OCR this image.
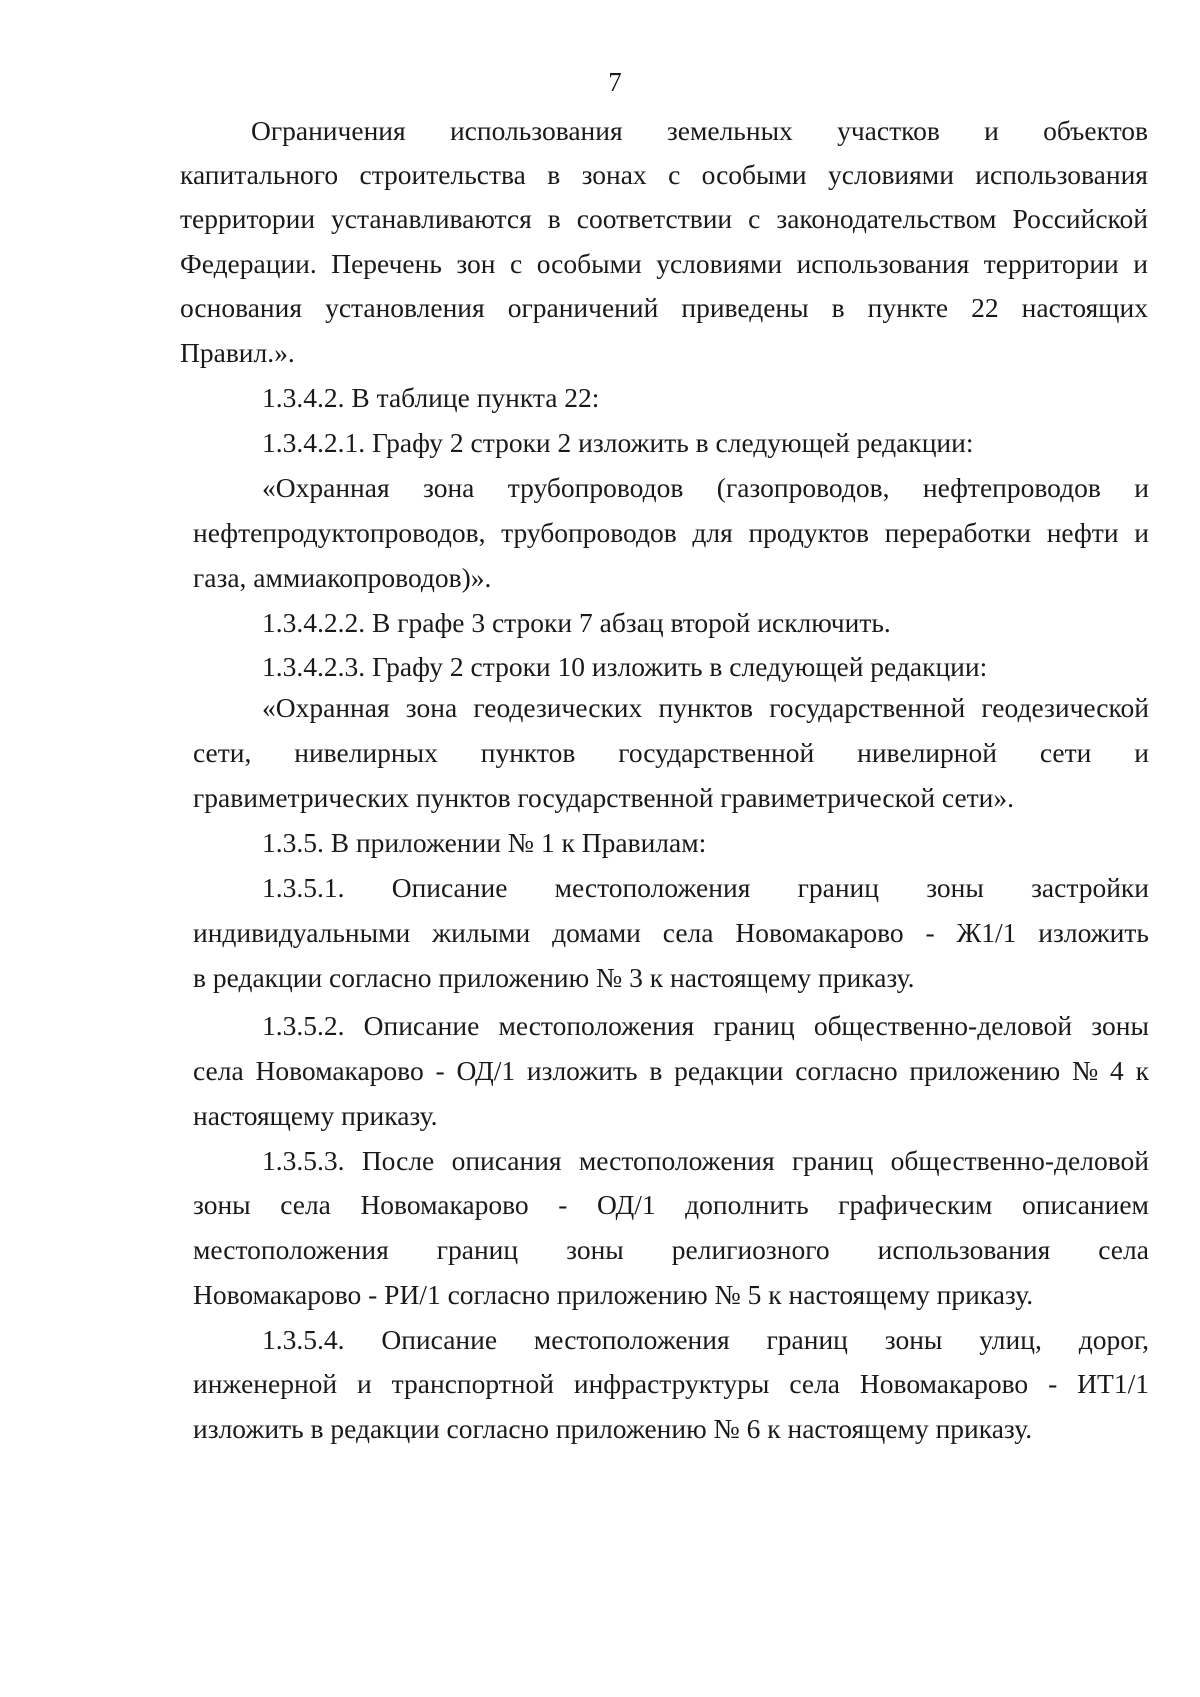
7
Ограничения использования земельных участков и объектов
капитального строительства в зонах с особыми условиями использования
территории устанавливаются в соответствии с законодательством Российской
Федерации. Перечень зон с особыми условиями использования территории и
основания установления ограничений приведены в пункте 22 настоящих
Правил.».
1.3.4.2. В таблице пункта 22:
1.3.4.2.1. Графу 2 строки 2 изложить в следующей редакции:
«Охранная зона трубопроводов (газопроводов, нефтепроводов и
нефтепродуктопроводов, трубопроводов для продуктов переработки нефти и
газа, аммиакопроводов)».
1.3.4.2.2. В графе 3 строки 7 абзац второй исключить.
1.3.4.2.3. Графу 2 строки 10 изложить в следующей редакции:
«Охранная зона геодезических пунктов государственной геодезической
сети, нивелирных пунктов государственной нивелирной сети и
гравиметрических пунктов государственной гравиметрической сети».
1.3.5. В приложении № 1 к Правилам:
1.3.5.1. Описание местоположения границ зоны застройки
индивидуальными жилыми домами села Новомакарово - Ж1/1 изложить
в редакции согласно приложению № 3 к настоящему приказу.
1.3.5.2. Описание местоположения границ общественно-деловой зоны
села Новомакарово - ОД/1 изложить в редакции согласно приложению № 4 к
настоящему приказу.
1.3.5.3. После описания местоположения границ общественно-деловой
зоны села Новомакарово - ОД/1 дополнить графическим описанием
местоположения границ зоны религиозного использования села
Новомакарово - РИ/1 согласно приложению № 5 к настоящему приказу.
1.3.5.4. Описание местоположения границ зоны улиц, дорог,
инженерной и транспортной инфраструктуры села Новомакарово - ИТ1/1
изложить в редакции согласно приложению № 6 к настоящему приказу.
